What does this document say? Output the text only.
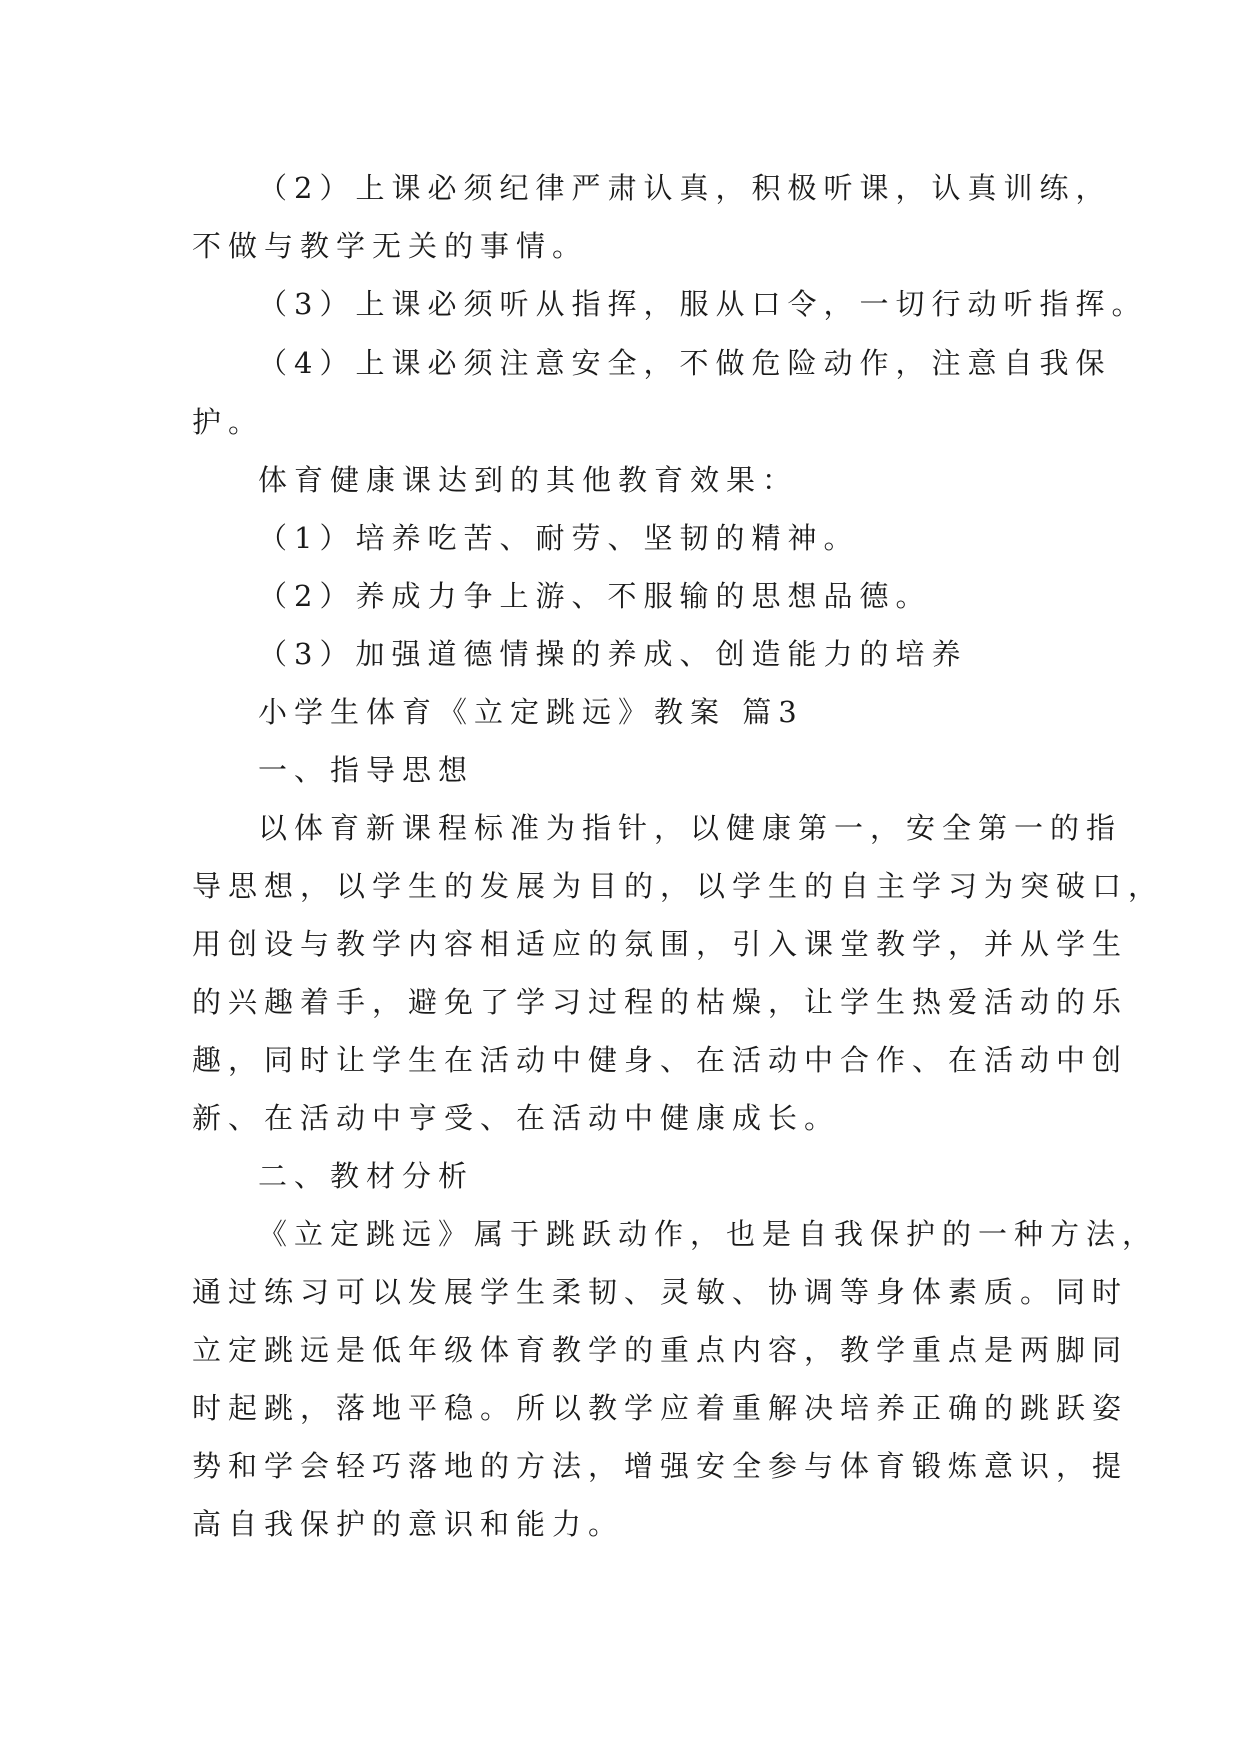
（2）上课必须纪律严肃认真，积极听课，认真训练，
不做与教学无关的事情。
（3）上课必须听从指挥，服从口令，一切行动听指挥。
（4）上课必须注意安全，不做危险动作，注意自我保
护。
体育健康课达到的其他教育效果：
（1）培养吃苦、耐劳、坚韧的精神。
（2）养成力争上游、不服输的思想品德。
（3）加强道德情操的养成、创造能力的培养
小学生体育《立定跳远》教案 篇3
一、指导思想
以体育新课程标准为指针，以健康第一，安全第一的指
导思想，以学生的发展为目的，以学生的自主学习为突破口，
用创设与教学内容相适应的氛围，引入课堂教学，并从学生
的兴趣着手，避免了学习过程的枯燥，让学生热爱活动的乐
趣，同时让学生在活动中健身、在活动中合作、在活动中创
新、在活动中亨受、在活动中健康成长。
二、教材分析
《立定跳远》属于跳跃动作，也是自我保护的一种方法，
通过练习可以发展学生柔韧、灵敏、协调等身体素质。同时
立定跳远是低年级体育教学的重点内容，教学重点是两脚同
时起跳，落地平稳。所以教学应着重解决培养正确的跳跃姿
势和学会轻巧落地的方法，增强安全参与体育锻炼意识，提
高自我保护的意识和能力。
